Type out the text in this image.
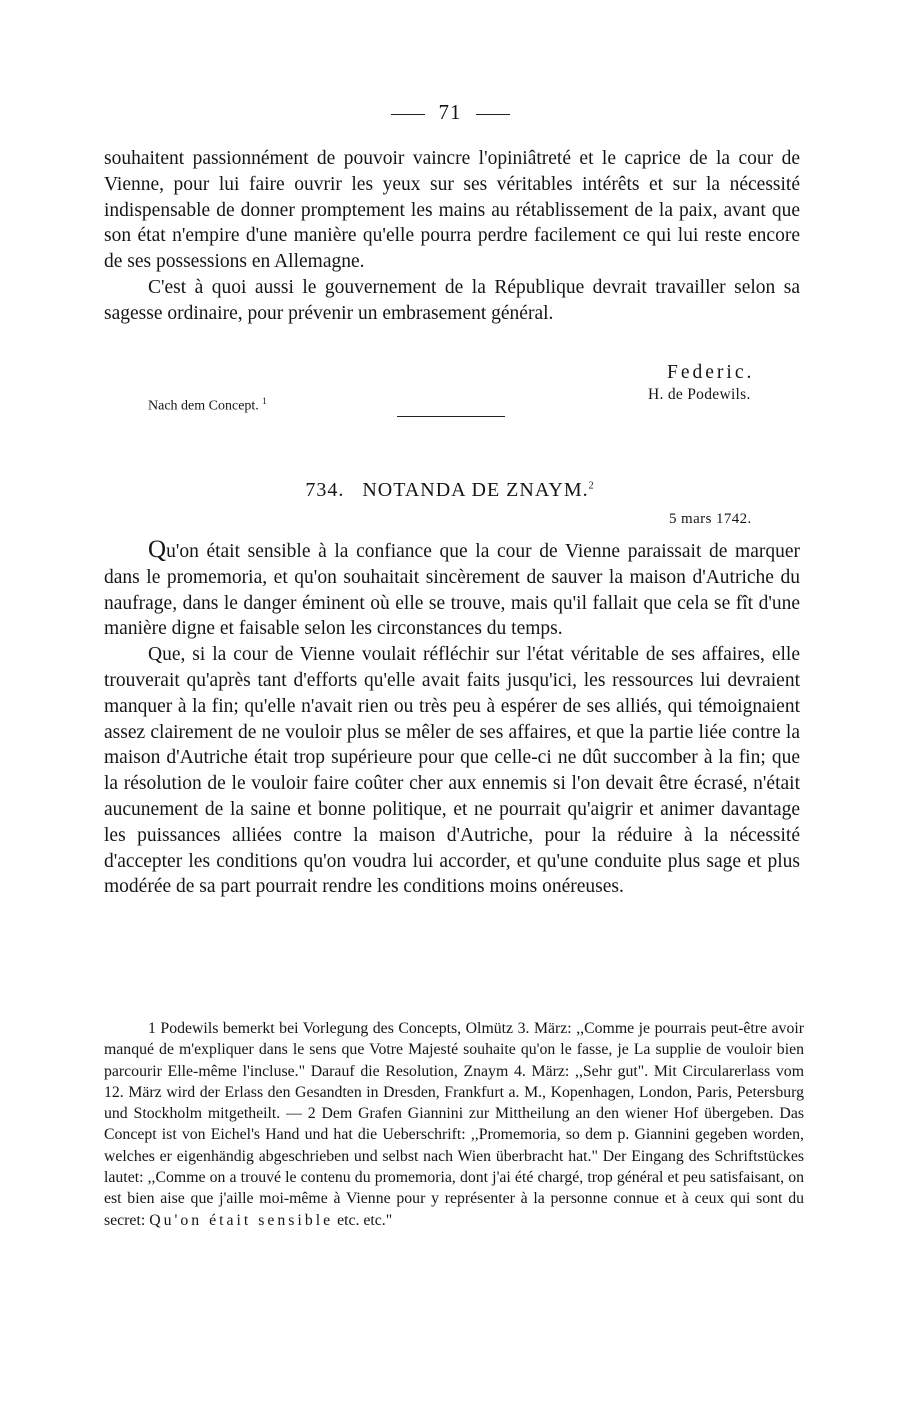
71

souhaitent passionnément de pouvoir vaincre l'opiniâtreté et le caprice de la cour de Vienne, pour lui faire ouvrir les yeux sur ses véritables intérêts et sur la nécessité indispensable de donner promptement les mains au rétablissement de la paix, avant que son état n'empire d'une manière qu'elle pourra perdre facilement ce qui lui reste encore de ses possessions en Allemagne.

C'est à quoi aussi le gouvernement de la République devrait travailler selon sa sagesse ordinaire, pour prévenir un embrasement général.

Federic.
Nach dem Concept. $^1$	H. de Podewils.
734. NOTANDA DE ZNAYM.$^2$
5 mars 1742.

Qu'on était sensible à la confiance que la cour de Vienne paraissait de marquer dans le promemoria, et qu'on souhaitait sincèrement de sauver la maison d'Autriche du naufrage, dans le danger éminent où elle se trouve, mais qu'il fallait que cela se fît d'une manière digne et faisable selon les circonstances du temps.

Que, si la cour de Vienne voulait réfléchir sur l'état véritable de ses affaires, elle trouverait qu'après tant d'efforts qu'elle avait faits jusqu'ici, les ressources lui devraient manquer à la fin; qu'elle n'avait rien ou très peu à espérer de ses alliés, qui témoignaient assez clairement de ne vouloir plus se mêler de ses affaires, et que la partie liée contre la maison d'Autriche était trop supérieure pour que celle-ci ne dût succomber à la fin; que la résolution de le vouloir faire coûter cher aux ennemis si l'on devait être écrasé, n'était aucunement de la saine et bonne politique, et ne pourrait qu'aigrir et animer davantage les puissances alliées contre la maison d'Autriche, pour la réduire à la nécessité d'accepter les conditions qu'on voudra lui accorder, et qu'une conduite plus sage et plus modérée de sa part pourrait rendre les conditions moins onéreuses.

1 Podewils bemerkt bei Vorlegung des Concepts, Olmütz 3. März: ,,Comme je pourrais peut-être avoir manqué de m'expliquer dans le sens que Votre Majesté souhaite qu'on le fasse, je La supplie de vouloir bien parcourir Elle-même l'incluse." Darauf die Resolution, Znaym 4. März: ,,Sehr gut". Mit Circularerlass vom 12. März wird der Erlass den Gesandten in Dresden, Frankfurt a. M., Kopenhagen, London, Paris, Petersburg und Stockholm mitgetheilt. — 2 Dem Grafen Giannini zur Mittheilung an den wiener Hof übergeben. Das Concept ist von Eichel's Hand und hat die Ueberschrift: ,,Promemoria, so dem p. Giannini gegeben worden, welches er eigenhändig abgeschrieben und selbst nach Wien überbracht hat." Der Eingang des Schriftstückes lautet: ,,Comme on a trouvé le contenu du promemoria, dont j'ai été chargé, trop général et peu satisfaisant, on est bien aise que j'aille moi-même à Vienne pour y représenter à la personne connue et à ceux qui sont du secret: Qu'on était sensible etc. etc."
